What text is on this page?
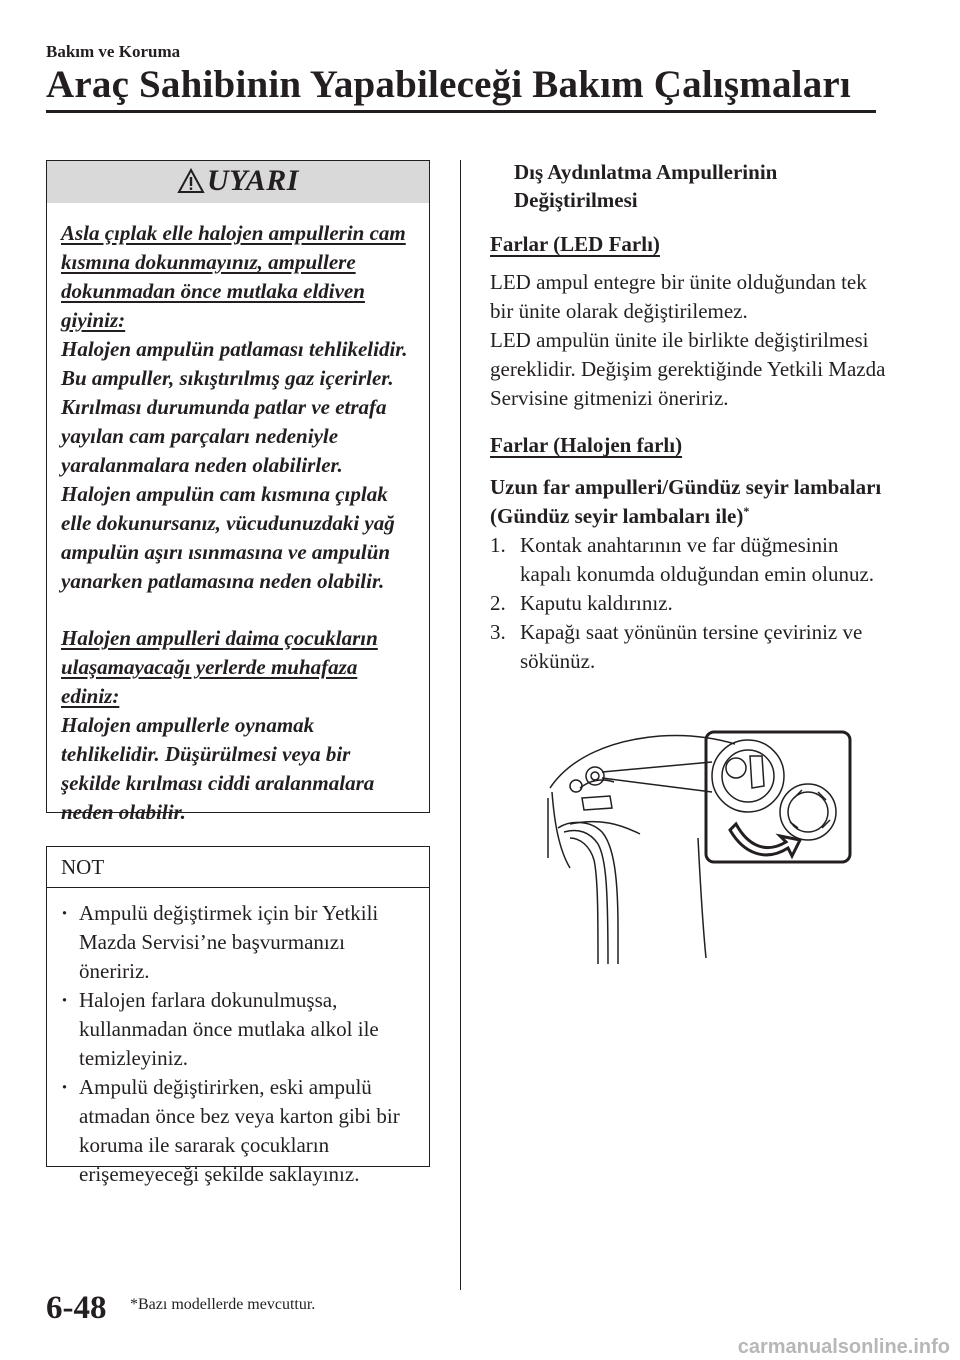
Bakım ve Koruma
Araç Sahibinin Yapabileceği Bakım Çalışmaları
UYARI

Asla çıplak elle halojen ampullerin cam kısmına dokunmayınız, ampullere dokunmadan önce mutlaka eldiven giyiniz:

Halojen ampulün patlaması tehlikelidir. Bu ampuller, sıkıştırılmış gaz içerirler. Kırılması durumunda patlar ve etrafa yayılan cam parçaları nedeniyle yaralanmalara neden olabilirler.

Halojen ampulün cam kısmına çıplak elle dokunursanız, vücudunuzdaki yağ ampulün aşırı ısınmasına ve ampulün yanarken patlamasına neden olabilir.

Halojen ampulleri daima çocukların ulaşamayacağı yerlerde muhafaza ediniz:

Halojen ampullerle oynamak tehlikelidir. Düşürülmesi veya bir şekilde kırılması ciddi aralanmalara neden olabilir.

NOT
· Ampulü değiştirmek için bir Yetkili Mazda Servisi’ne başvurmanızı öneririz.
· Halojen farlara dokunulmuşsa, kullanmadan önce mutlaka alkol ile temizleyiniz.
· Ampulü değiştirirken, eski ampulü atmadan önce bez veya karton gibi bir koruma ile sararak çocukların erişemeyeceği şekilde saklayınız.

Dış Aydınlatma Ampullerinin Değiştirilmesi

Farlar (LED Farlı)

LED ampul entegre bir ünite olduğundan tek bir ünite olarak değiştirilemez.

LED ampulün ünite ile birlikte değiştirilmesi gereklidir. Değişim gerektiğinde Yetkili Mazda Servisine gitmenizi öneririz.

Farlar (Halojen farlı)

Uzun far ampulleri/Gündüz seyir lambaları (Gündüz seyir lambaları ile)*

1. Kontak anahtarının ve far düğmesinin kapalı konumda olduğundan emin olunuz.
2. Kaputu kaldırınız.
3. Kapağı saat yönünün tersine çeviriniz ve sökünüz.
6-48 *Bazı modellerde mevcuttur.
carmanualsonline.info
